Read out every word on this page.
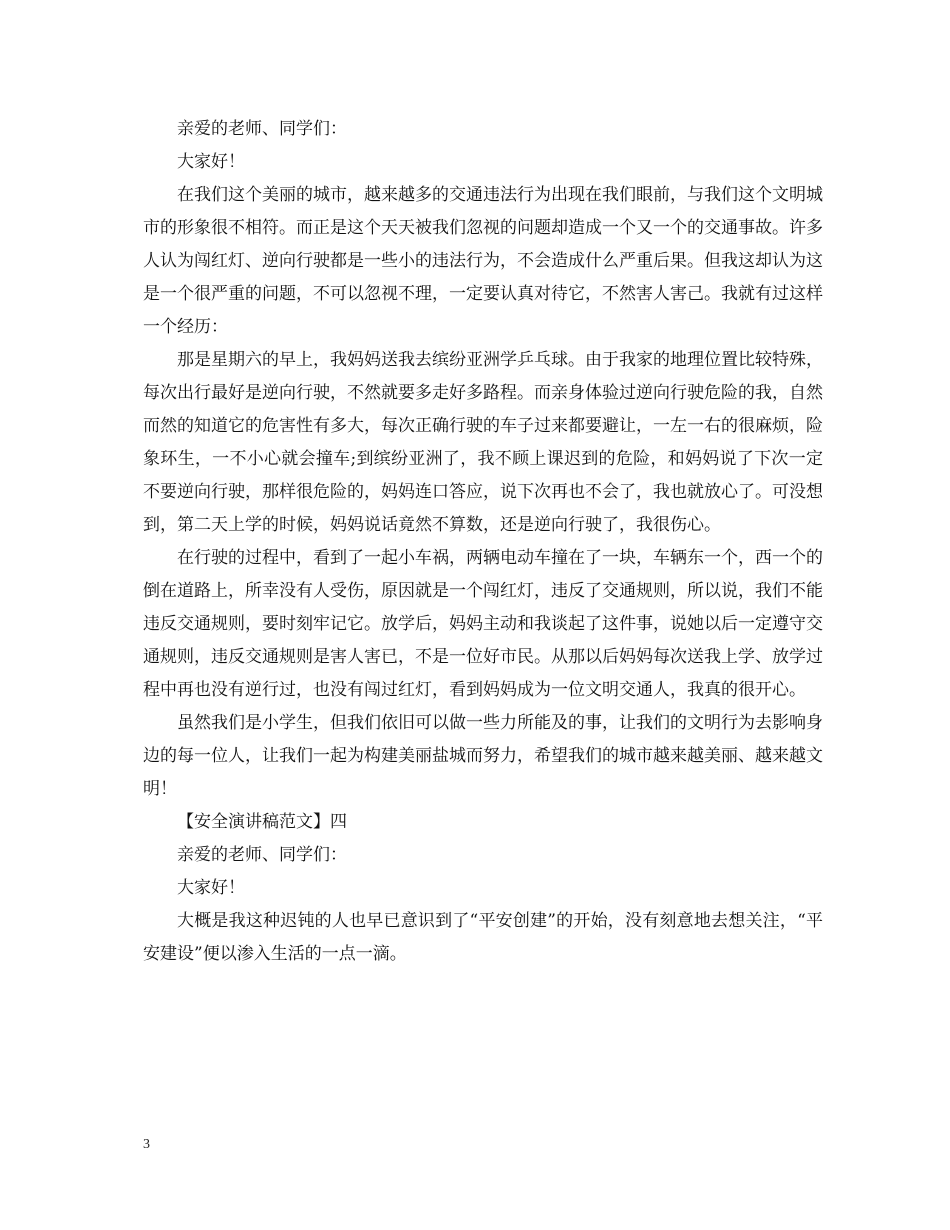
亲爱的老师、同学们：

大家好！

在我们这个美丽的城市，越来越多的交通违法行为出现在我们眼前，与我们这个文明城市的形象很不相符。而正是这个天天被我们忽视的问题却造成一个又一个的交通事故。许多人认为闯红灯、逆向行驶都是一些小的违法行为，不会造成什么严重后果。但我这却认为这是一个很严重的问题，不可以忽视不理，一定要认真对待它，不然害人害己。我就有过这样一个经历：

那是星期六的早上，我妈妈送我去缤纷亚洲学乒乓球。由于我家的地理位置比较特殊，每次出行最好是逆向行驶，不然就要多走好多路程。而亲身体验过逆向行驶危险的我，自然而然的知道它的危害性有多大，每次正确行驶的车子过来都要避让，一左一右的很麻烦，险象环生，一不小心就会撞车;到缤纷亚洲了，我不顾上课迟到的危险，和妈妈说了下次一定不要逆向行驶，那样很危险的，妈妈连口答应，说下次再也不会了，我也就放心了。可没想到，第二天上学的时候，妈妈说话竟然不算数，还是逆向行驶了，我很伤心。

在行驶的过程中，看到了一起小车祸，两辆电动车撞在了一块，车辆东一个，西一个的倒在道路上，所幸没有人受伤，原因就是一个闯红灯，违反了交通规则，所以说，我们不能违反交通规则，要时刻牢记它。放学后，妈妈主动和我谈起了这件事，说她以后一定遵守交通规则，违反交通规则是害人害已，不是一位好市民。从那以后妈妈每次送我上学、放学过程中再也没有逆行过，也没有闯过红灯，看到妈妈成为一位文明交通人，我真的很开心。

虽然我们是小学生，但我们依旧可以做一些力所能及的事，让我们的文明行为去影响身边的每一位人，让我们一起为构建美丽盐城而努力，希望我们的城市越来越美丽、越来越文明！

【安全演讲稿范文】四

亲爱的老师、同学们：

大家好！

大概是我这种迟钝的人也早已意识到了“平安创建”的开始，没有刻意地去想关注，“平安建设”便以渗入生活的一点一滴。

3
